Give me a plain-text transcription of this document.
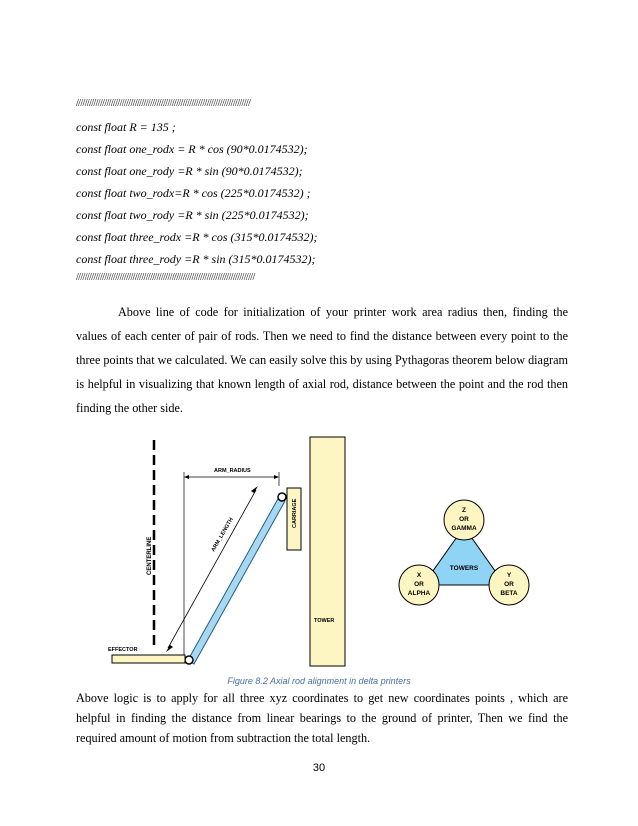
////////////////////////////////////////////////////////////////////////////////
const float R = 135 ;
const float one_rodx = R * cos (90*0.0174532);
const float one_rody =R * sin (90*0.0174532);
const float two_rodx=R * cos (225*0.0174532) ;
const float two_rody =R * sin (225*0.0174532);
const float three_rodx =R * cos (315*0.0174532);
const float three_rody =R * sin (315*0.0174532);
//////////////////////////////////////////////////////////////////////////////////
Above line of code for initialization of your printer work area radius then, finding the values of each center of pair of rods. Then we need to find the distance between every point to the three points that we calculated. We can easily solve this by using Pythagoras theorem below diagram is helpful in visualizing that known length of axial rod, distance between the point and the rod then finding the other side.
CENTERLINE
TOWER
CARRIAGE
ARM_RADIUS
ARM_LENGTH
EFFECTOR
TOWERS
Z
OR
GAMMA
X
OR
ALPHA
Y
OR
BETA
Figure 8.2 Axial rod alignment in delta printers
Above logic is to apply for all three xyz coordinates to get new coordinates points , which are helpful in finding the distance from linear bearings to the ground of printer, Then we find the required amount of motion from subtraction the total length.
30
